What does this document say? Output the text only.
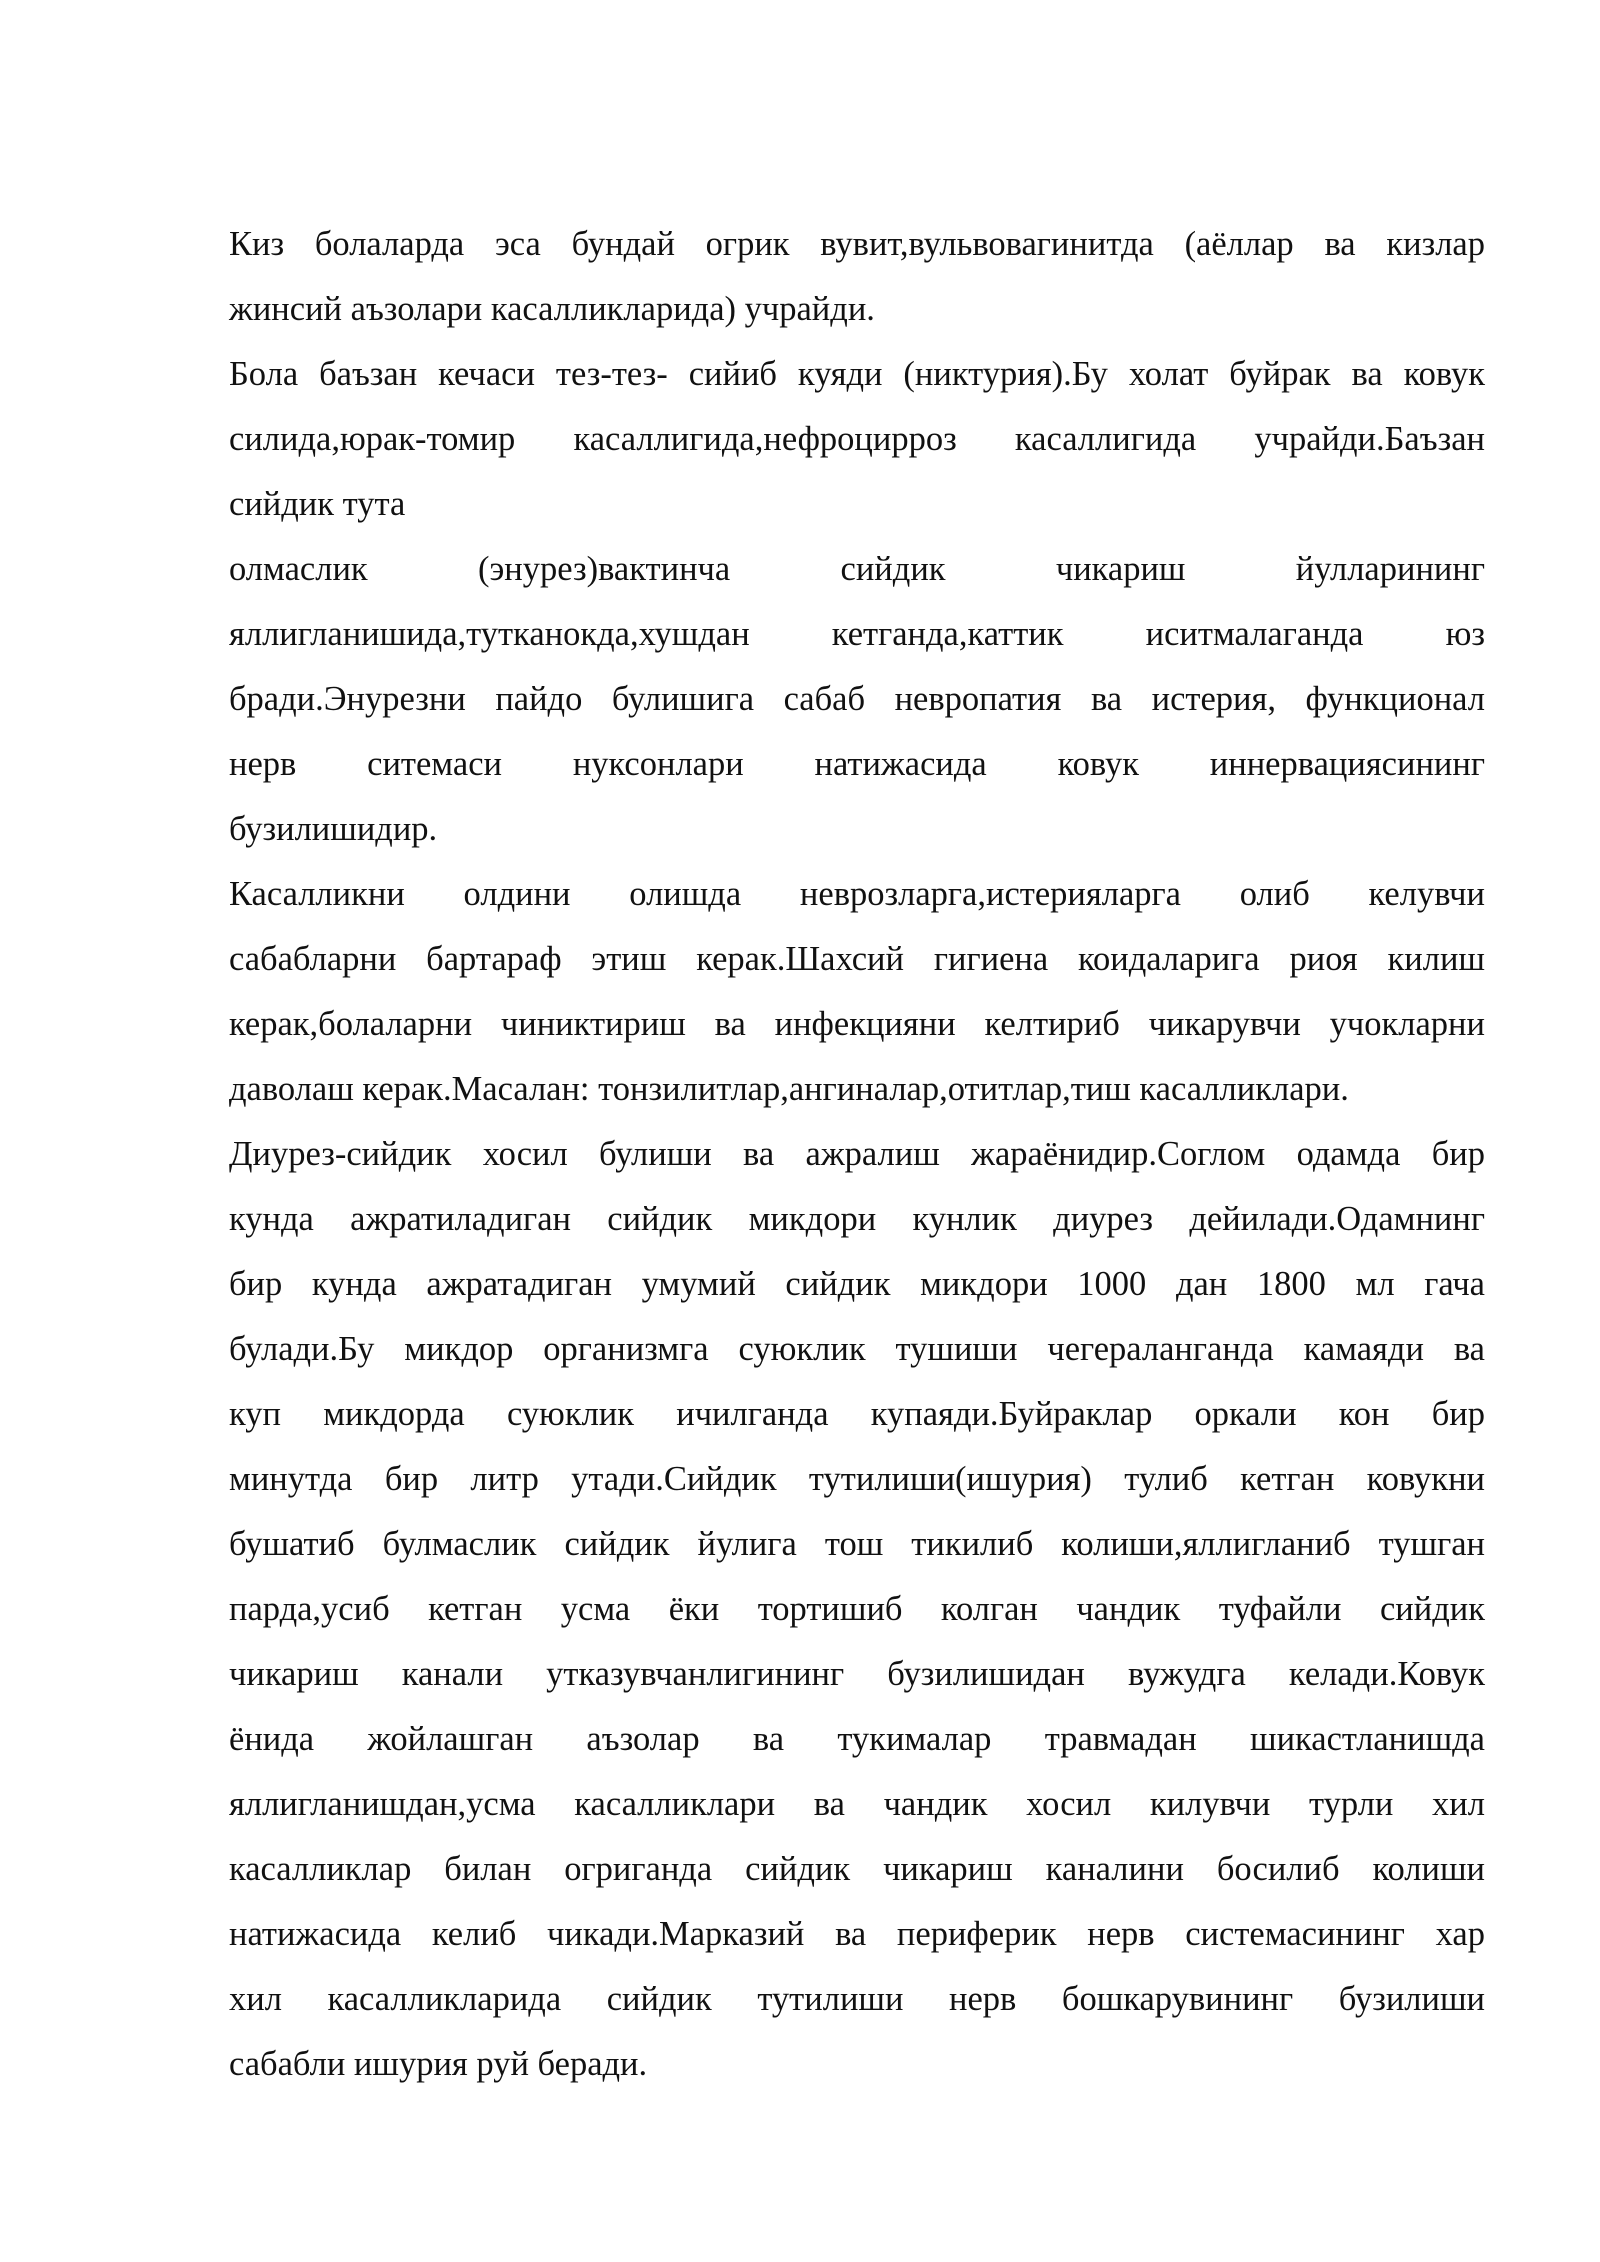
Киз болаларда эса бундай огрик вувит,вульвовагинитда (аёллар ва кизлар
жинсий аъзолари касалликларида) учрайди.
Бола баъзан кечаси тез-тез- сийиб куяди (никтурия).Бу холат буйрак ва ковук
силида,юрак-томир касаллигида,нефроцирроз касаллигида учрайди.Баъзан
сийдик тута
олмаслик (энурез)вактинча сийдик чикариш йулларининг
яллигланишида,тутканокда,хушдан кетганда,каттик иситмалаганда юз
бради.Энурезни пайдо булишига сабаб невропатия ва истерия, функционал
нерв ситемаси нуксонлари натижасида ковук иннервациясининг
бузилишидир.
Касалликни олдини олишда неврозларга,истерияларга олиб келувчи
сабабларни бартараф этиш керак.Шахсий гигиена коидаларига риоя килиш
керак,болаларни чиниктириш ва инфекцияни келтириб чикарувчи учокларни
даволаш керак.Масалан: тонзилитлар,ангиналар,отитлар,тиш касалликлари.
Диурез-сийдик хосил булиши ва ажралиш жараёнидир.Соглом одамда бир
кунда ажратиладиган сийдик микдори кунлик диурез дейилади.Одамнинг
бир кунда ажратадиган умумий сийдик микдори 1000 дан 1800 мл гача
булади.Бу микдор организмга суюклик тушиши чегераланганда камаяди ва
куп микдорда суюклик ичилганда купаяди.Буйраклар оркали кон бир
минутда бир литр утади.Сийдик тутилиши(ишурия) тулиб кетган ковукни
бушатиб булмаслик сийдик йулига тош тикилиб колиши,яллигланиб тушган
парда,усиб кетган усма ёки тортишиб колган чандик туфайли сийдик
чикариш канали утказувчанлигининг бузилишидан вужудга келади.Ковук
ёнида жойлашган аъзолар ва тукималар травмадан шикастланишда
яллигланишдан,усма касалликлари ва чандик хосил килувчи турли хил
касалликлар билан огриганда сийдик чикариш каналини босилиб колиши
натижасида келиб чикади.Марказий ва периферик нерв системасининг хар
хил касалликларида сийдик тутилиши нерв бошкарувининг бузилиши
сабабли ишурия руй беради.
